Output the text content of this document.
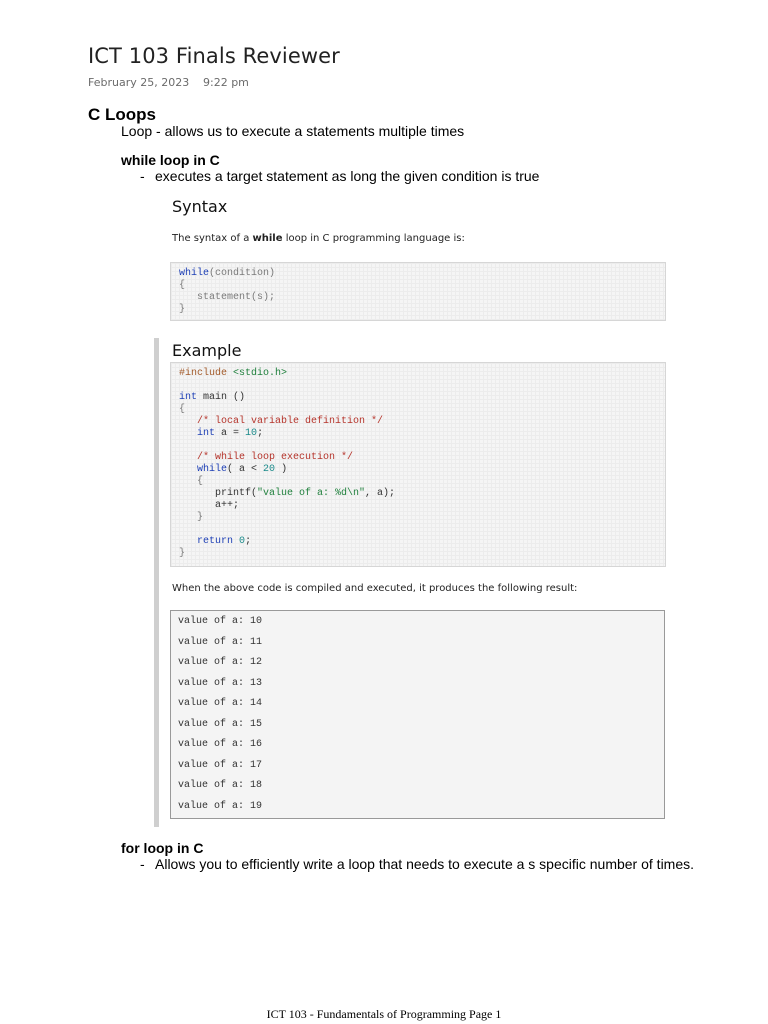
ICT 103 Finals Reviewer
February 25, 2023 9:22 pm
C Loops
Loop - allows us to execute a statements multiple times
while loop in C
- executes a target statement as long the given condition is true
Syntax
The syntax of a while loop in C programming language is:
while(condition)
{
statement(s);
}
Example
#include <stdio.h>
int main ()
{
/* local variable definition */
int a = 10;
/* while loop execution */
while( a < 20 )
{
printf("value of a: %d\n", a);
a++;
}
return 0;
}
When the above code is compiled and executed, it produces the following result:
value of a: 10
value of a: 11
value of a: 12
value of a: 13
value of a: 14
value of a: 15
value of a: 16
value of a: 17
value of a: 18
value of a: 19
for loop in C
- Allows you to efficiently write a loop that needs to execute a s specific number of times.
ICT 103 - Fundamentals of Programming Page 1
